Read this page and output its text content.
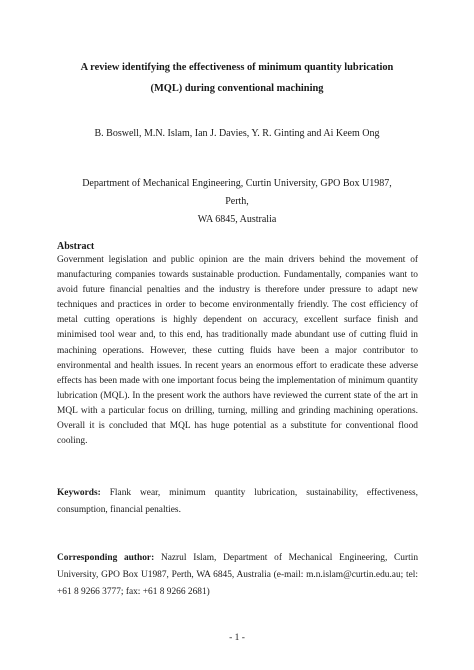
A review identifying the effectiveness of minimum quantity lubrication
(MQL) during conventional machining
B. Boswell, M.N. Islam, Ian J. Davies, Y. R. Ginting and Ai Keem Ong
Department of Mechanical Engineering, Curtin University, GPO Box U1987, Perth,
WA 6845, Australia
Abstract
Government legislation and public opinion are the main drivers behind the movement of manufacturing companies towards sustainable production. Fundamentally, companies want to avoid future financial penalties and the industry is therefore under pressure to adapt new techniques and practices in order to become environmentally friendly. The cost efficiency of metal cutting operations is highly dependent on accuracy, excellent surface finish and minimised tool wear and, to this end, has traditionally made abundant use of cutting fluid in machining operations. However, these cutting fluids have been a major contributor to environmental and health issues. In recent years an enormous effort to eradicate these adverse effects has been made with one important focus being the implementation of minimum quantity lubrication (MQL). In the present work the authors have reviewed the current state of the art in MQL with a particular focus on drilling, turning, milling and grinding machining operations. Overall it is concluded that MQL has huge potential as a substitute for conventional flood cooling.
Keywords: Flank wear, minimum quantity lubrication, sustainability, effectiveness, consumption, financial penalties.
Corresponding author: Nazrul Islam, Department of Mechanical Engineering, Curtin University, GPO Box U1987, Perth, WA 6845, Australia (e-mail: m.n.islam@curtin.edu.au; tel: +61 8 9266 3777; fax: +61 8 9266 2681)
- 1 -
